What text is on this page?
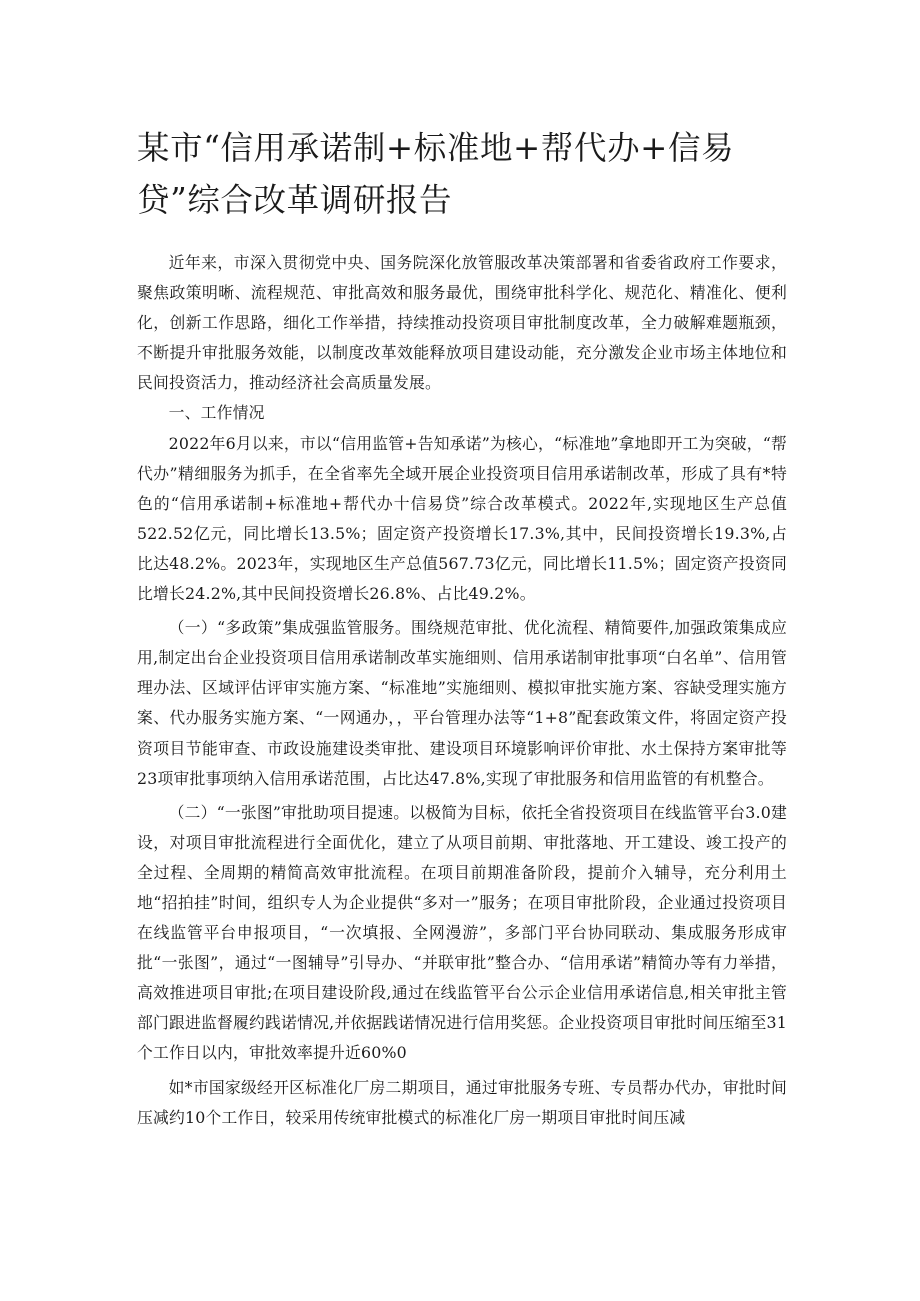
某市“信用承诺制+标准地+帮代办+信易贷”综合改革调研报告

近年来，市深入贯彻党中央、国务院深化放管服改革决策部署和省委省政府工作要求，聚焦政策明晰、流程规范、审批高效和服务最优，围绕审批科学化、规范化、精准化、便利化，创新工作思路，细化工作举措，持续推动投资项目审批制度改革，全力破解难题瓶颈，不断提升审批服务效能，以制度改革效能释放项目建设动能，充分激发企业市场主体地位和民间投资活力，推动经济社会高质量发展。

一、工作情况

2022年6月以来，市以“信用监管+告知承诺”为核心，“标准地”拿地即开工为突破，“帮代办”精细服务为抓手，在全省率先全域开展企业投资项目信用承诺制改革，形成了具有*特色的“信用承诺制+标准地+帮代办十信易贷”综合改革模式。2022年,实现地区生产总值522.52亿元，同比增长13.5%；固定资产投资增长17.3%,其中，民间投资增长19.3%,占比达48.2%。2023年，实现地区生产总值567.73亿元，同比增长11.5%；固定资产投资同比增长24.2%,其中民间投资增长26.8%、占比49.2%。

（一）“多政策”集成强监管服务。围绕规范审批、优化流程、精简要件,加强政策集成应用,制定出台企业投资项目信用承诺制改革实施细则、信用承诺制审批事项“白名单”、信用管理办法、区域评估评审实施方案、“标准地”实施细则、模拟审批实施方案、容缺受理实施方案、代办服务实施方案、“一网通办，，平台管理办法等“1+8”配套政策文件，将固定资产投资项目节能审查、市政设施建设类审批、建设项目环境影响评价审批、水土保持方案审批等23项审批事项纳入信用承诺范围，占比达47.8%,实现了审批服务和信用监管的有机整合。

（二）“一张图”审批助项目提速。以极简为目标，依托全省投资项目在线监管平台3.0建设，对项目审批流程进行全面优化，建立了从项目前期、审批落地、开工建设、竣工投产的全过程、全周期的精简高效审批流程。在项目前期准备阶段，提前介入辅导，充分利用土地“招拍挂”时间，组织专人为企业提供“多对一”服务；在项目审批阶段，企业通过投资项目在线监管平台申报项目，“一次填报、全网漫游”，多部门平台协同联动、集成服务形成审批“一张图”，通过“一图辅导”引导办、“并联审批”整合办、“信用承诺”精简办等有力举措，高效推进项目审批;在项目建设阶段,通过在线监管平台公示企业信用承诺信息,相关审批主管部门跟进监督履约践诺情况,并依据践诺情况进行信用奖惩。企业投资项目审批时间压缩至31个工作日以内，审批效率提升近60%0

如*市国家级经开区标准化厂房二期项目，通过审批服务专班、专员帮办代办，审批时间压减约10个工作日，较采用传统审批模式的标准化厂房一期项目审批时间压减
